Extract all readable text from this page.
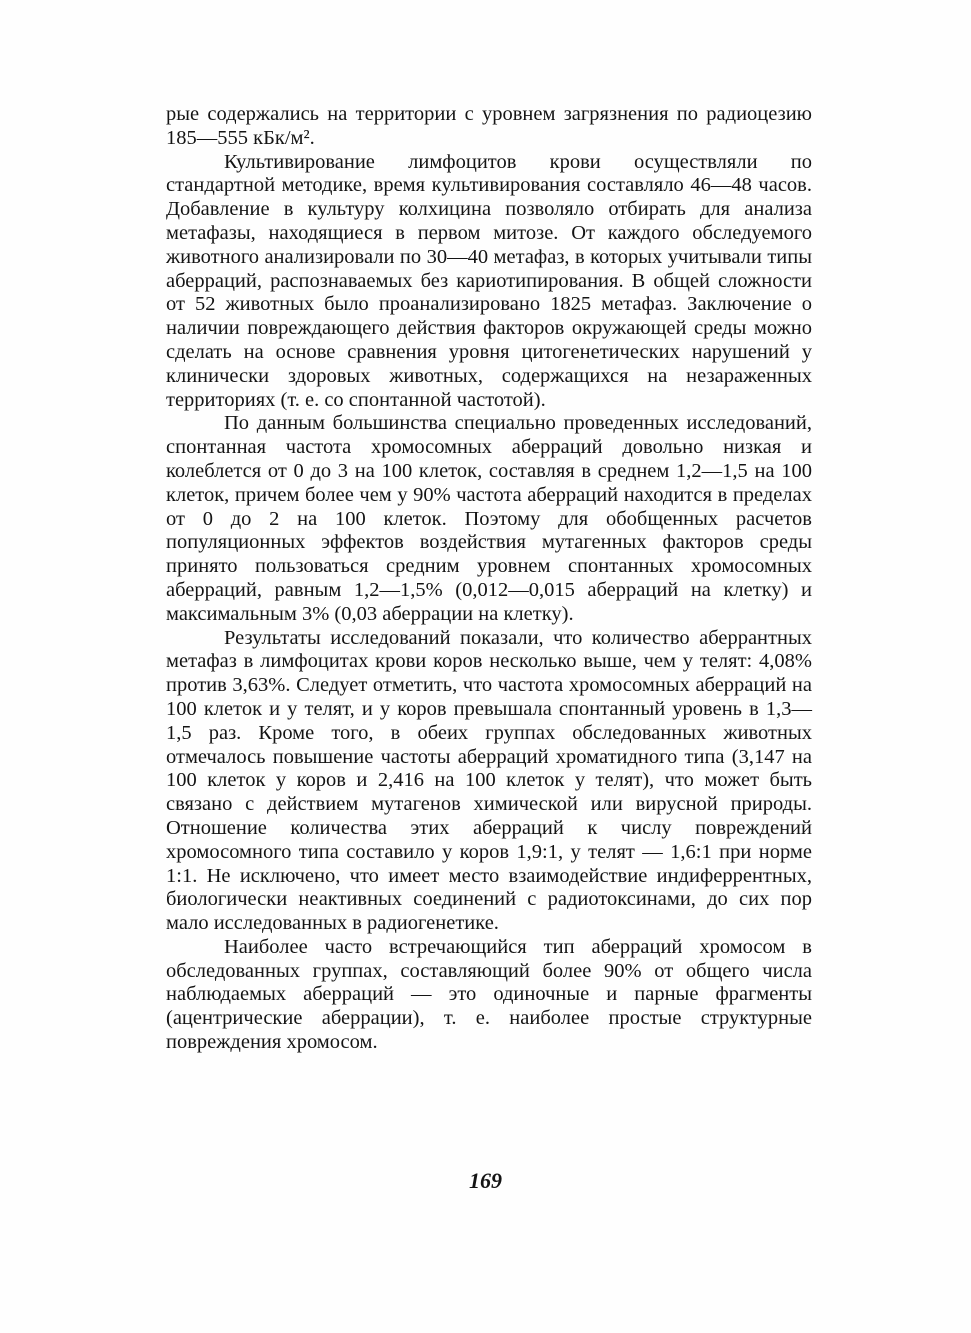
рые содержались на территории с уровнем загрязнения по радиоцезию 185—555 кБк/м².

Культивирование лимфоцитов крови осуществляли по стандартной методике, время культивирования составляло 46—48 часов. Добавление в культуру колхицина позволяло отбирать для анализа метафазы, находящиеся в первом митозе. От каждого обследуемого животного анализировали по 30—40 метафаз, в которых учитывали типы аберраций, распознаваемых без кариотипирования. В общей сложности от 52 животных было проанализировано 1825 метафаз. Заключение о наличии повреждающего действия факторов окружающей среды можно сделать на основе сравнения уровня цитогенетических нарушений у клинически здоровых животных, содержащихся на незараженных территориях (т. е. со спонтанной частотой).

По данным большинства специально проведенных исследований, спонтанная частота хромосомных аберраций довольно низкая и колеблется от 0 до 3 на 100 клеток, составляя в среднем 1,2—1,5 на 100 клеток, причем более чем у 90% частота аберраций находится в пределах от 0 до 2 на 100 клеток. Поэтому для обобщенных расчетов популяционных эффектов воздействия мутагенных факторов среды принято пользоваться средним уровнем спонтанных хромосомных аберраций, равным 1,2—1,5% (0,012—0,015 аберраций на клетку) и максимальным 3% (0,03 аберрации на клетку).

Результаты исследований показали, что количество аберрантных метафаз в лимфоцитах крови коров несколько выше, чем у телят: 4,08% против 3,63%. Следует отметить, что частота хромосомных аберраций на 100 клеток и у телят, и у коров превышала спонтанный уровень в 1,3—1,5 раз. Кроме того, в обеих группах обследованных животных отмечалось повышение частоты аберраций хроматидного типа (3,147 на 100 клеток у коров и 2,416 на 100 клеток у телят), что может быть связано с действием мутагенов химической или вирусной природы. Отношение количества этих аберраций к числу повреждений хромосомного типа составило у коров 1,9:1, у телят — 1,6:1 при норме 1:1. Не исключено, что имеет место взаимодействие индиферрентных, биологически неактивных соединений с радиотоксинами, до сих пор мало исследованных в радиогенетике.

Наиболее часто встречающийся тип аберраций хромосом в обследованных группах, составляющий более 90% от общего числа наблюдаемых аберраций — это одиночные и парные фрагменты (ацентрические аберрации), т. е. наиболее простые структурные повреждения хромосом.

169
